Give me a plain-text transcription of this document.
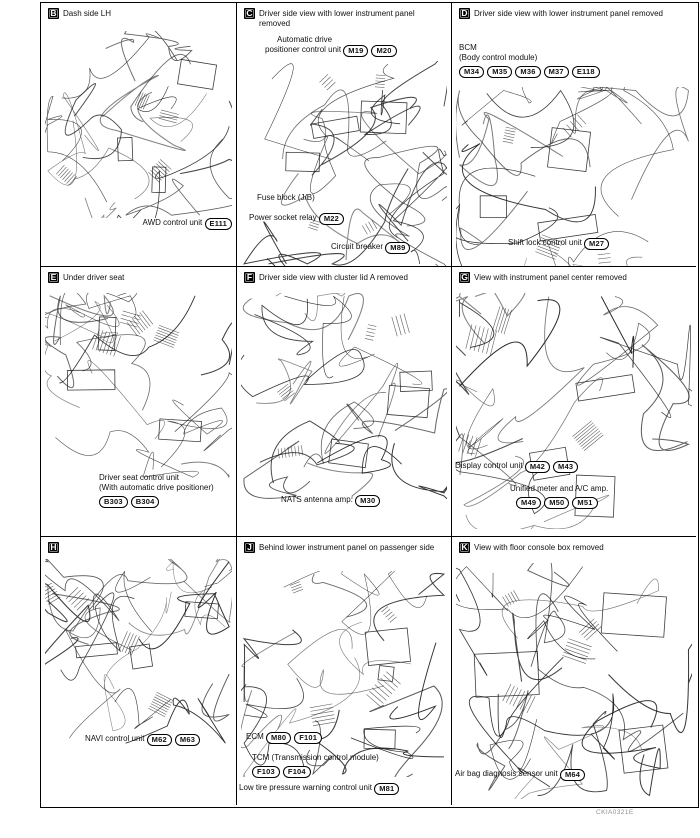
B Dash side LH
AWD control unit E111
C Driver side view with lower instrument panel removed
Automatic drive
positioner control unit M19 M20
Fuse block (J/B)
Power socket relay M22
Circuit breaker M89
D Driver side view with lower instrument panel removed
BCM
(Body control module)
M34 M35 M36 M37 E118
Shift lock control unit M27
E Under driver seat
Driver seat control unit
(With automatic drive positioner)
B303 B304
F Driver side view with cluster lid A removed
NATS antenna amp. M30
G View with instrument panel center removed
Display control unit M42 M43
Unified meter and A/C amp.
M49 M50 M51
H
NAVI control unit M62 M63
J Behind lower instrument panel on passenger side
ECM M80 F101
TCM (Transmission control module)
F103 F104
Low tire pressure warning control unit M81
K View with floor console box removed
Air bag diagnosis sensor unit M64
CKIA0321E
